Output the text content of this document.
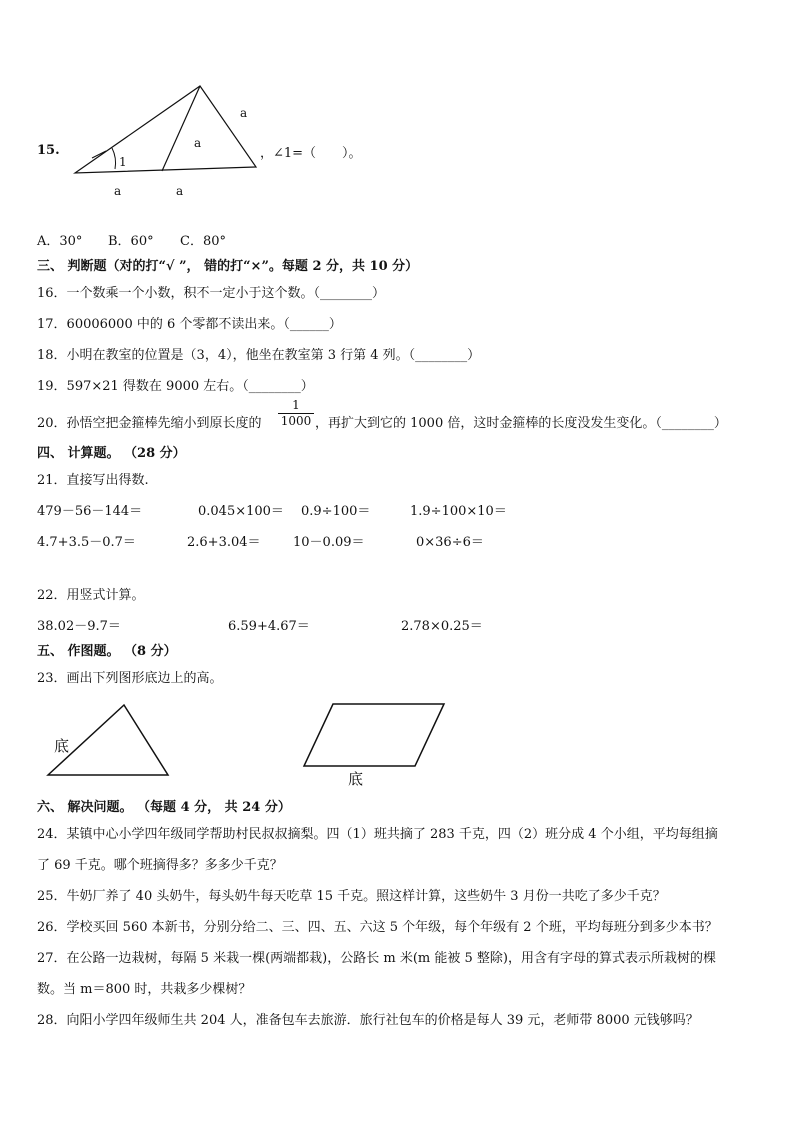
15.
a
a
1
a	a
，∠1=（　　）。
A．30° B．60° C．80°
三、 判断题（对的打“√ ”， 错的打“×”。每题 2 分，共 10 分）
16．一个数乘一个小数，积不一定小于这个数。（________）
17．60006000 中的 6 个零都不读出来。（______）
18．小明在教室的位置是（3，4），他坐在教室第 3 行第 4 列。（________）
19．597×21 得数在 9000 左右。（________）
20．孙悟空把金箍棒先缩小到原长度的 $\frac{1}{1000}$ ，再扩大到它的 1000 倍，这时金箍棒的长度没发生变化。（________）
四、 计算题。 （28 分）
21．直接写出得数.
479－56－144＝	0.045×100＝ 0.9÷100＝	1.9÷100×10＝
4.7+3.5－0.7＝	2.6+3.04＝ 10－0.09＝	0×36÷6＝
22．用竖式计算。
38.02－9.7＝	6.59+4.67＝	2.78×0.25＝
五、 作图题。 （8 分）
23．画出下列图形底边上的高。
底
底
六、 解决问题。 （每题 4 分， 共 24 分）
24．某镇中心小学四年级同学帮助村民叔叔摘梨。四（1）班共摘了 283 千克，四（2）班分成 4 个小组，平均每组摘
了 69 千克。哪个班摘得多？多多少千克？
25．牛奶厂养了 40 头奶牛，每头奶牛每天吃草 15 千克。照这样计算，这些奶牛 3 月份一共吃了多少千克？
26．学校买回 560 本新书，分别分给二、三、四、五、六这 5 个年级，每个年级有 2 个班，平均每班分到多少本书？
27．在公路一边栽树，每隔 5 米栽一棵(两端都栽)，公路长 m 米(m 能被 5 整除)，用含有字母的算式表示所栽树的棵
数。当 m＝800 时，共栽多少棵树？
28．向阳小学四年级师生共 204 人，准备包车去旅游．旅行社包车的价格是每人 39 元，老师带 8000 元钱够吗？
